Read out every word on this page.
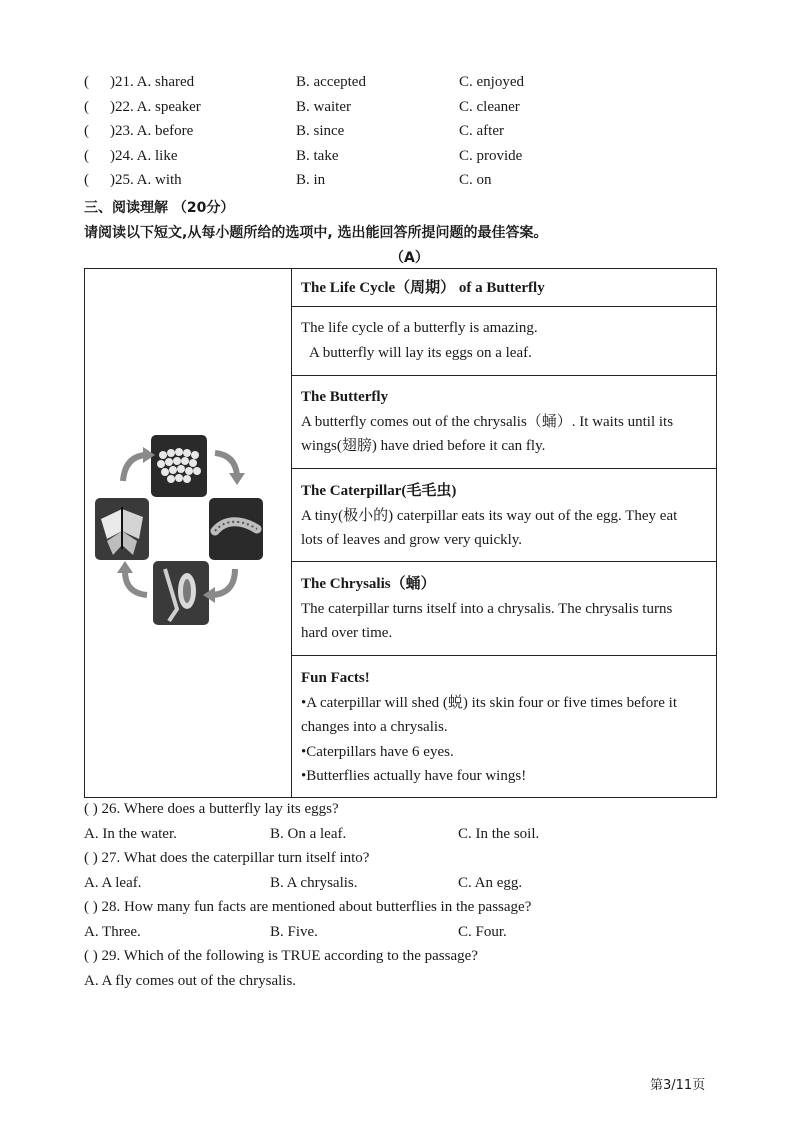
( )21. A. shared	B. accepted	C. enjoyed
( )22. A. speaker	B. waiter	C. cleaner
( )23. A. before	B. since	C. after
( )24. A. like	B. take	C. provide
( )25. A. with	B. in	C. on
三、阅读理解 （20分）
请阅读以下短文,从每小题所给的选项中, 选出能回答所提问题的最佳答案。
（A）

The Life Cycle（周期） of a Butterfly

The life cycle of a butterfly is amazing.

A butterfly will lay its eggs on a leaf.

The Butterfly

A butterfly comes out of the chrysalis（蛹）. It waits until its

wings(翅膀) have dried before it can fly.

The Caterpillar(毛毛虫)

A tiny(极小的) caterpillar eats its way out of the egg. They eat

lots of leaves and grow very quickly.

The Chrysalis（蛹）

The caterpillar turns itself into a chrysalis. The chrysalis turns

hard over time.

Fun Facts!

•A caterpillar will shed (蜕) its skin four or five times before it

changes into a chrysalis.

•Caterpillars have 6 eyes.

•Butterflies actually have four wings!

( ) 26. Where does a butterfly lay its eggs?
A. In the water.	B. On a leaf.	C. In the soil.
( ) 27. What does the caterpillar turn itself into?
A. A leaf.	B. A chrysalis.	C. An egg.
( ) 28. How many fun facts are mentioned about butterflies in the passage?
A. Three.	B. Five.	C. Four.
( ) 29. Which of the following is TRUE according to the passage?
A. A fly comes out of the chrysalis.
第3/11页
